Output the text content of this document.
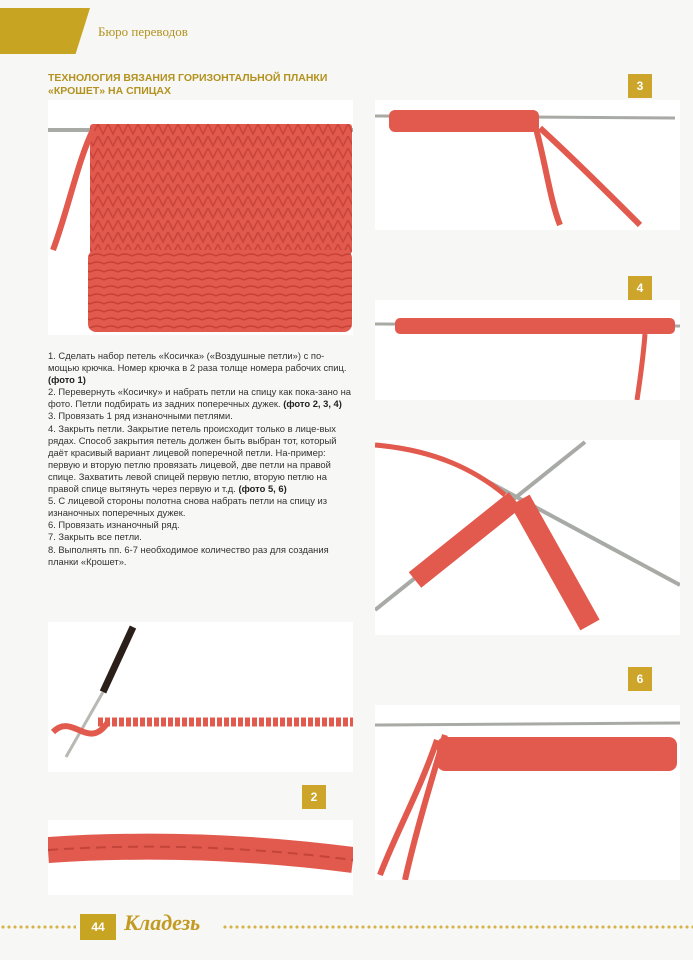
Бюро переводов
ТЕХНОЛОГИЯ ВЯЗАНИЯ ГОРИЗОНТАЛЬНОЙ ПЛАНКИ
«КРОШЕТ» НА СПИЦАХ

1. Сделать набор петель «Косичка» («Воздушные петли») с по-мощью крючка. Номер крючка в 2 раза толще номера рабочих спиц. (фото 1)

2. Перевернуть «Косичку» и набрать петли на спицу как пока-зано на фото. Петли подбирать из задних поперечных дужек. (фото 2, 3, 4)

3. Провязать 1 ряд изнаночными петлями.

4. Закрыть петли. Закрытие петель происходит только в лице-вых рядах. Способ закрытия петель должен быть выбран тот, который даёт красивый вариант лицевой поперечной петли. На-пример: первую и вторую петлю провязать лицевой, две петли на правой спице. Захватить левой спицей первую петлю, вторую петлю на правой спице вытянуть через первую и т.д. (фото 5, 6)

5. С лицевой стороны полотна снова набрать петли на спицу из изнаночных поперечных дужек.

6. Провязать изнаночный ряд.

7. Закрыть все петли.

8. Выполнять пп. 6-7 необходимое количество раз для создания планки «Крошет».

2
3
4
6
44 Кладезь
